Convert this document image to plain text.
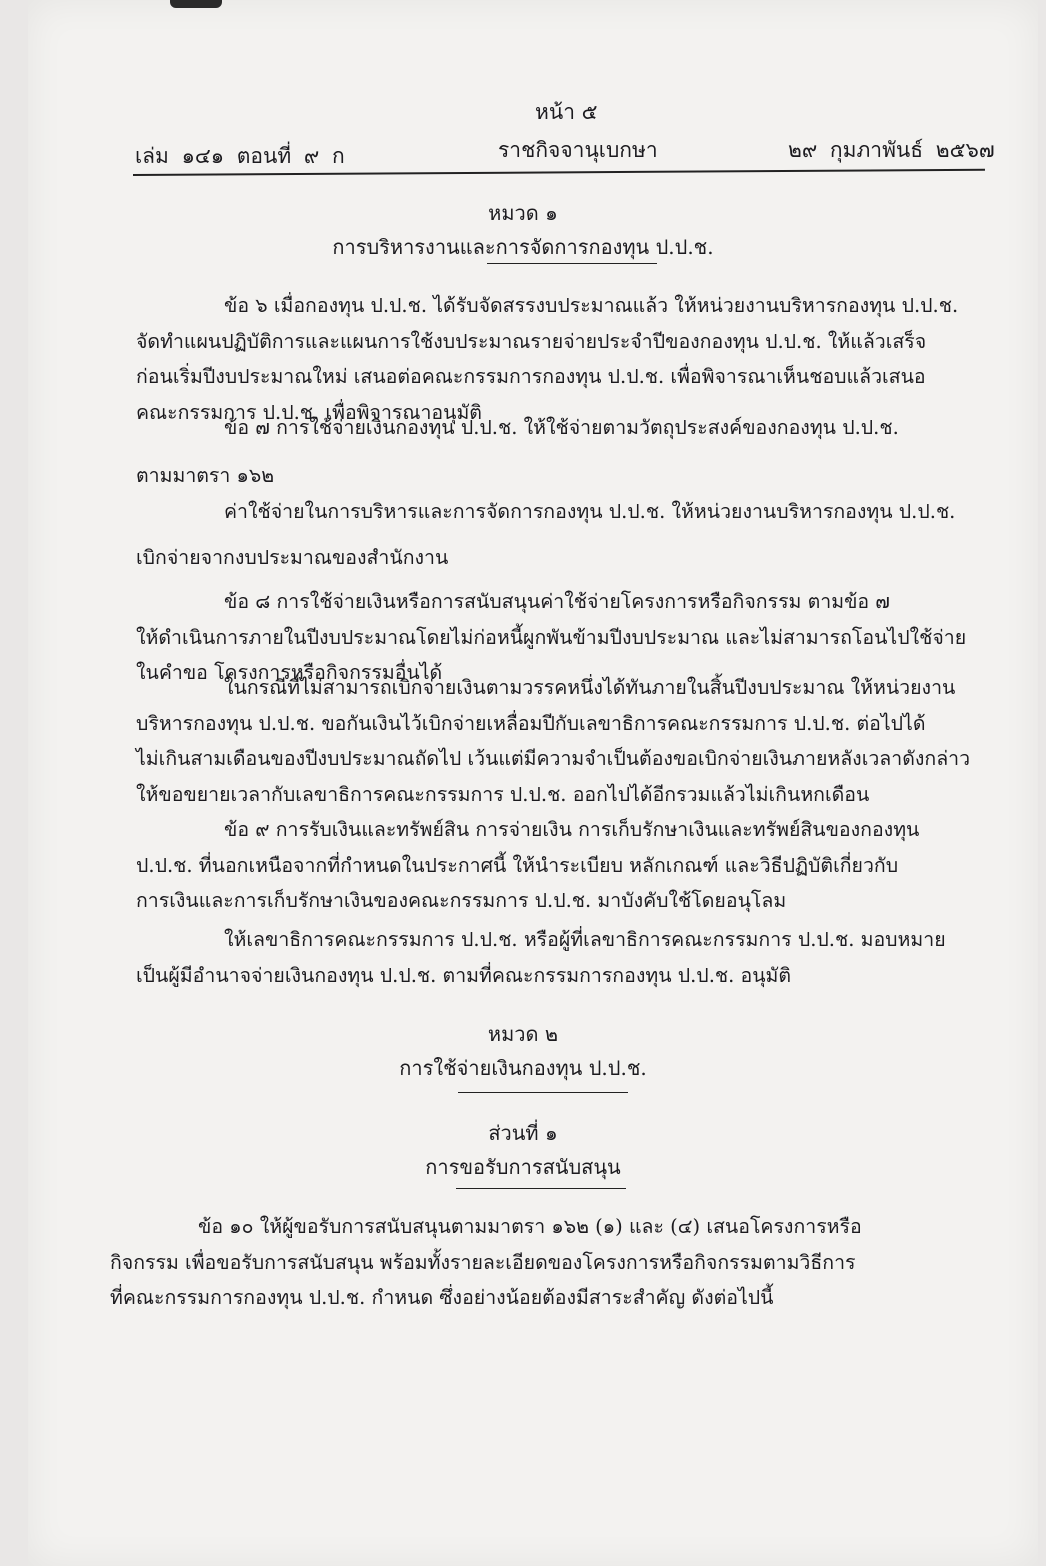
หน้า ๕
เล่ม ๑๔๑ ตอนที่ ๙ ก	ราชกิจจานุเบกษา	๒๙ กุมภาพันธ์ ๒๕๖๗
หมวด ๑
การบริหารงานและการจัดการกองทุน ป.ป.ช.
ข้อ ๖ เมื่อกองทุน ป.ป.ช. ได้รับจัดสรรงบประมาณแล้ว ให้หน่วยงานบริหารกองทุน ป.ป.ช.
จัดทำแผนปฏิบัติการและแผนการใช้งบประมาณรายจ่ายประจำปีของกองทุน ป.ป.ช. ให้แล้วเสร็จ
ก่อนเริ่มปีงบประมาณใหม่ เสนอต่อคณะกรรมการกองทุน ป.ป.ช. เพื่อพิจารณาเห็นชอบแล้วเสนอ
คณะกรรมการ ป.ป.ช. เพื่อพิจารณาอนุมัติ
ข้อ ๗ การใช้จ่ายเงินกองทุน ป.ป.ช. ให้ใช้จ่ายตามวัตถุประสงค์ของกองทุน ป.ป.ช.
ตามมาตรา ๑๖๒
ค่าใช้จ่ายในการบริหารและการจัดการกองทุน ป.ป.ช. ให้หน่วยงานบริหารกองทุน ป.ป.ช.
เบิกจ่ายจากงบประมาณของสำนักงาน
ข้อ ๘ การใช้จ่ายเงินหรือการสนับสนุนค่าใช้จ่ายโครงการหรือกิจกรรม ตามข้อ ๗
ให้ดำเนินการภายในปีงบประมาณโดยไม่ก่อหนี้ผูกพันข้ามปีงบประมาณ และไม่สามารถโอนไปใช้จ่าย
ในคำขอ โครงการหรือกิจกรรมอื่นได้
ในกรณีที่ไม่สามารถเบิกจ่ายเงินตามวรรคหนึ่งได้ทันภายในสิ้นปีงบประมาณ ให้หน่วยงาน
บริหารกองทุน ป.ป.ช. ขอกันเงินไว้เบิกจ่ายเหลื่อมปีกับเลขาธิการคณะกรรมการ ป.ป.ช. ต่อไปได้
ไม่เกินสามเดือนของปีงบประมาณถัดไป เว้นแต่มีความจำเป็นต้องขอเบิกจ่ายเงินภายหลังเวลาดังกล่าว
ให้ขอขยายเวลากับเลขาธิการคณะกรรมการ ป.ป.ช. ออกไปได้อีกรวมแล้วไม่เกินหกเดือน
ข้อ ๙ การรับเงินและทรัพย์สิน การจ่ายเงิน การเก็บรักษาเงินและทรัพย์สินของกองทุน
ป.ป.ช. ที่นอกเหนือจากที่กำหนดในประกาศนี้ ให้นำระเบียบ หลักเกณฑ์ และวิธีปฏิบัติเกี่ยวกับ
การเงินและการเก็บรักษาเงินของคณะกรรมการ ป.ป.ช. มาบังคับใช้โดยอนุโลม
ให้เลขาธิการคณะกรรมการ ป.ป.ช. หรือผู้ที่เลขาธิการคณะกรรมการ ป.ป.ช. มอบหมาย
เป็นผู้มีอำนาจจ่ายเงินกองทุน ป.ป.ช. ตามที่คณะกรรมการกองทุน ป.ป.ช. อนุมัติ
หมวด ๒
การใช้จ่ายเงินกองทุน ป.ป.ช.
ส่วนที่ ๑
การขอรับการสนับสนุน
ข้อ ๑๐ ให้ผู้ขอรับการสนับสนุนตามมาตรา ๑๖๒ (๑) และ (๔) เสนอโครงการหรือ
กิจกรรม เพื่อขอรับการสนับสนุน พร้อมทั้งรายละเอียดของโครงการหรือกิจกรรมตามวิธีการ
ที่คณะกรรมการกองทุน ป.ป.ช. กำหนด ซึ่งอย่างน้อยต้องมีสาระสำคัญ ดังต่อไปนี้
